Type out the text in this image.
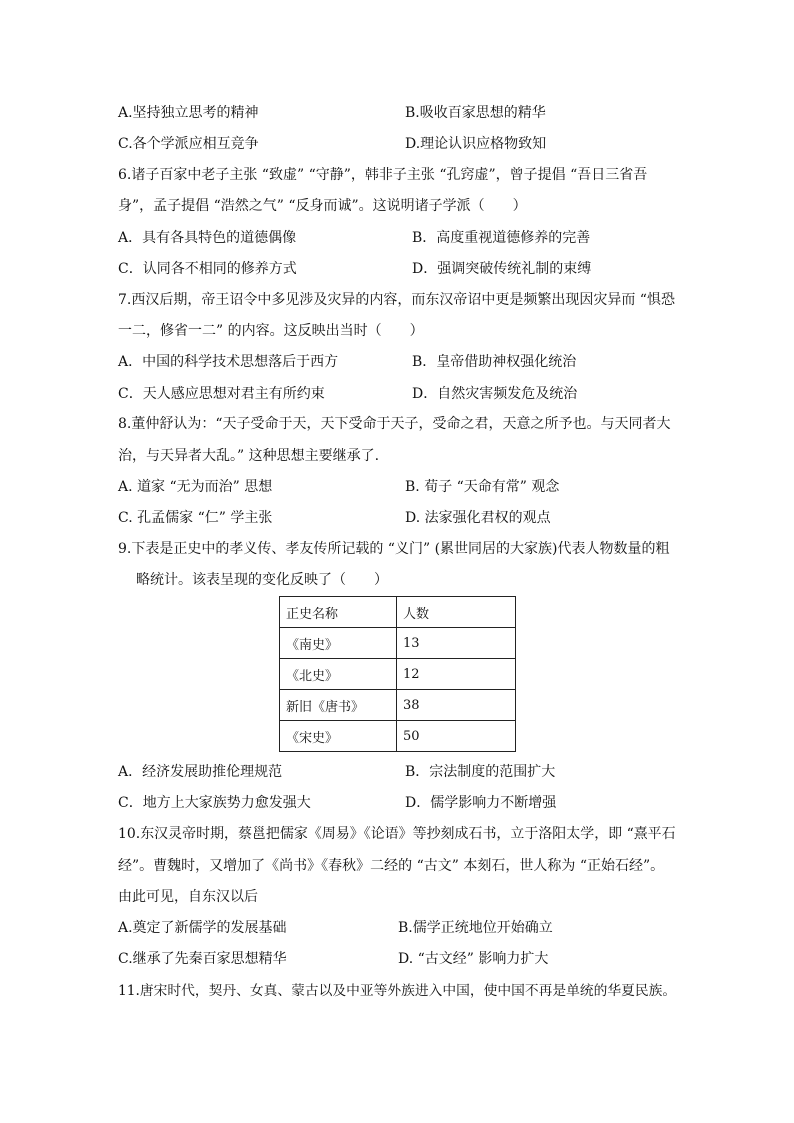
A.坚持独立思考的精神	B.吸收百家思想的精华
C.各个学派应相互竞争	D.理论认识应格物致知
6.诸子百家中老子主张 “致虚” “守静”，韩非子主张 “孔窍虚”，曾子提倡 “吾日三省吾
身”，孟子提倡 “浩然之气” “反身而诚”。这说明诸子学派（　　）
A．具有各具特色的道德偶像	B．高度重视道德修养的完善
C．认同各不相同的修养方式	D．强调突破传统礼制的束缚
7.西汉后期，帝王诏令中多见涉及灾异的内容，而东汉帝诏中更是频繁出现因灾异而 “惧恐
一二，修省一二” 的内容。这反映出当时（　　）
A．中国的科学技术思想落后于西方	B．皇帝借助神权强化统治
C．天人感应思想对君主有所约束	D．自然灾害频发危及统治
8.董仲舒认为：“天子受命于天，天下受命于天子，受命之君，天意之所予也。与天同者大
治，与天异者大乱。” 这种思想主要继承了.
A. 道家 “无为而治” 思想	B. 荀子 “天命有常” 观念
C. 孔孟儒家 “仁” 学主张	D. 法家强化君权的观点
9.下表是正史中的孝义传、孝友传所记载的 “义门” (累世同居的大家族)代表人物数量的粗
略统计。该表呈现的变化反映了（　　）
正史名称	人数
《南史》	13
《北史》	12
新旧《唐书》	38
《宋史》	50
A．经济发展助推伦理规范	B．宗法制度的范围扩大
C．地方上大家族势力愈发强大	D．儒学影响力不断增强
10.东汉灵帝时期，蔡邕把儒家《周易》《论语》等抄刻成石书，立于洛阳太学，即 “熹平石
经”。曹魏时，又增加了《尚书》《春秋》二经的 “古文” 本刻石，世人称为 “正始石经”。
由此可见，自东汉以后
A.奠定了新儒学的发展基础	B.儒学正统地位开始确立
C.继承了先秦百家思想精华	D. “古文经” 影响力扩大
11.唐宋时代，契丹、女真、蒙古以及中亚等外族进入中国，使中国不再是单统的华夏民族。
